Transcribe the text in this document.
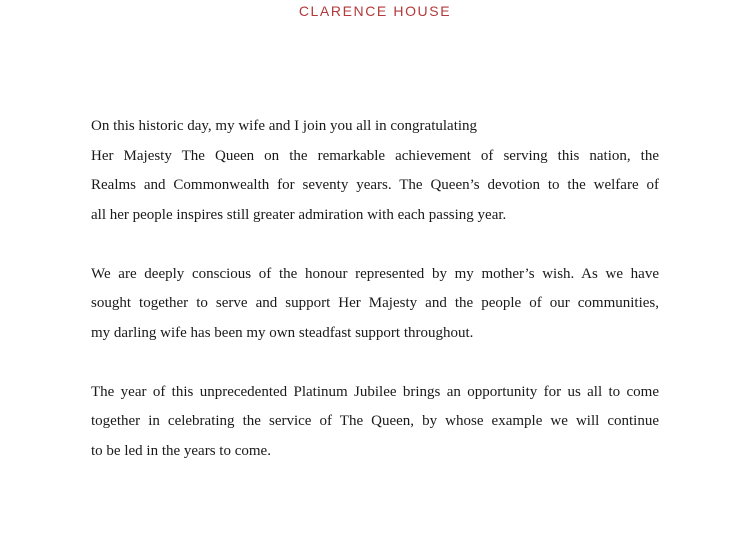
CLARENCE HOUSE

On this historic day, my wife and I join you all in congratulating
Her Majesty The Queen on the remarkable achievement of serving this nation, the
Realms and Commonwealth for seventy years. The Queen’s devotion to the welfare of
all her people inspires still greater admiration with each passing year.

We are deeply conscious of the honour represented by my mother’s wish. As we have
sought together to serve and support Her Majesty and the people of our communities,
my darling wife has been my own steadfast support throughout.

The year of this unprecedented Platinum Jubilee brings an opportunity for us all to come
together in celebrating the service of The Queen, by whose example we will continue
to be led in the years to come.
